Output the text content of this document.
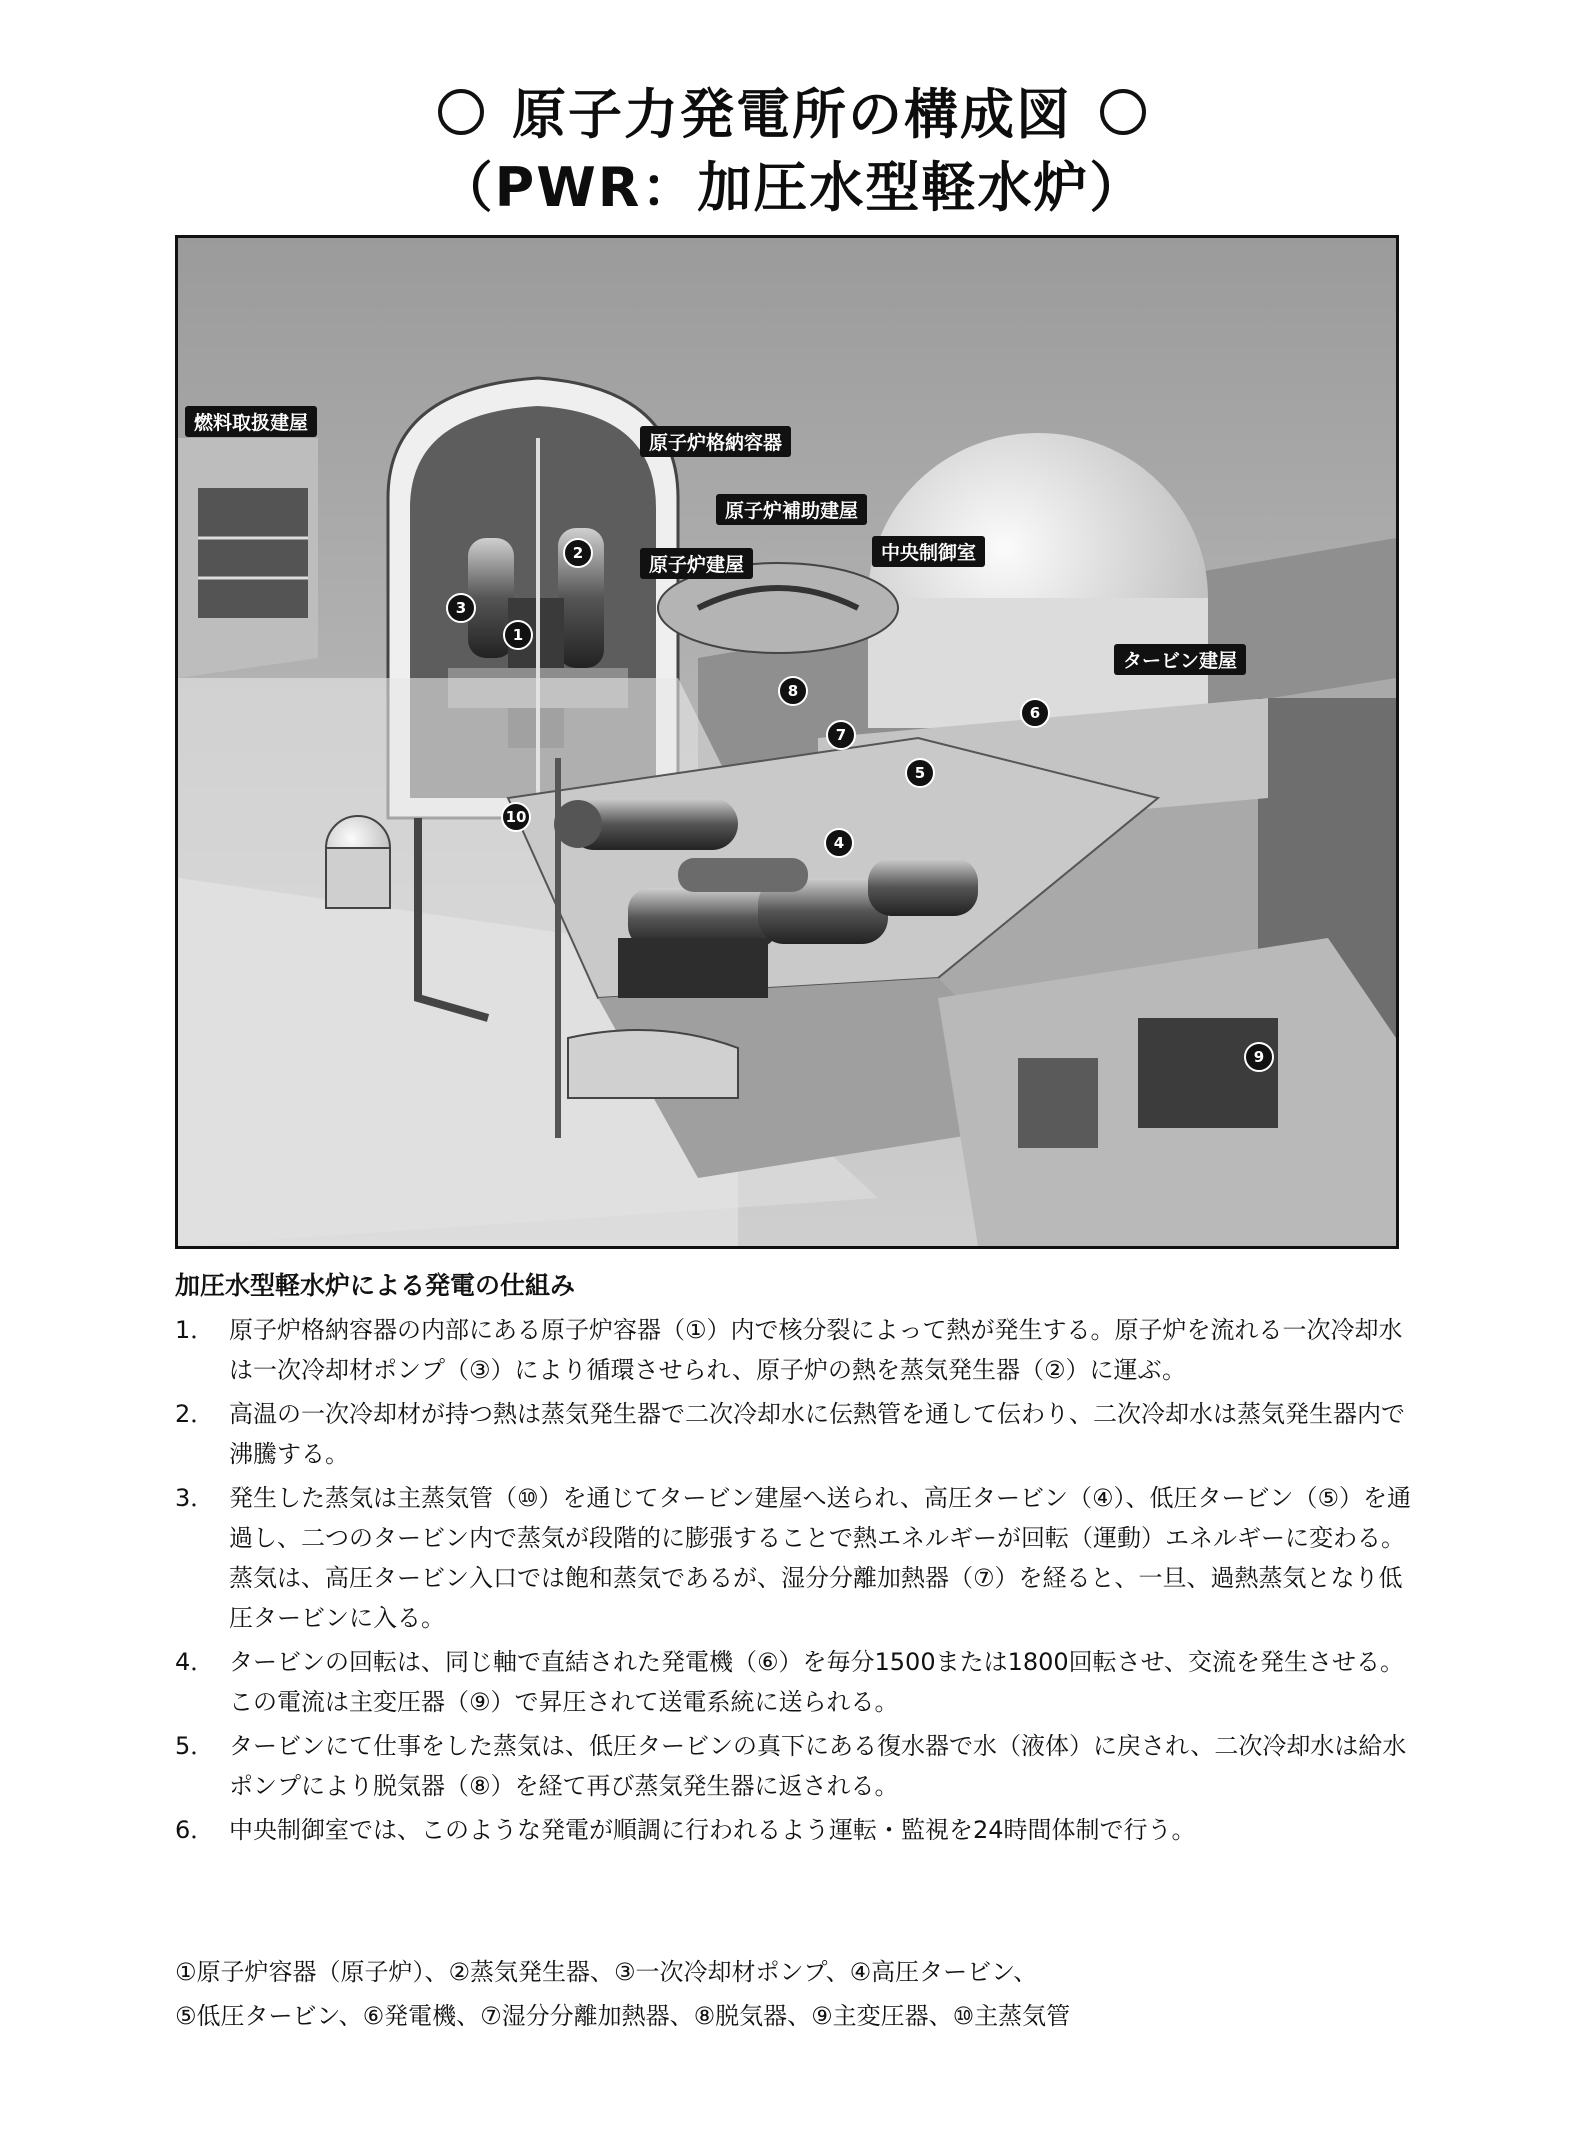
原子力発電所の構成図
（PWR：加圧水型軽水炉）
燃料取扱建屋
原子炉格納容器
原子炉補助建屋
原子炉建屋
中央制御室
タービン建屋
1
2
3
4
5
6
7
8
9
10
加圧水型軽水炉による発電の仕組み
1． 原子炉格納容器の内部にある原子炉容器（①）内で核分裂によって熱が発生する。原子炉を流れる一次冷却水は一次冷却材ポンプ（③）により循環させられ、原子炉の熱を蒸気発生器（②）に運ぶ。
2． 高温の一次冷却材が持つ熱は蒸気発生器で二次冷却水に伝熱管を通して伝わり、二次冷却水は蒸気発生器内で沸騰する。
3． 発生した蒸気は主蒸気管（⑩）を通じてタービン建屋へ送られ、高圧タービン（④）、低圧タービン（⑤）を通過し、二つのタービン内で蒸気が段階的に膨張することで熱エネルギーが回転（運動）エネルギーに変わる。蒸気は、高圧タービン入口では飽和蒸気であるが、湿分分離加熱器（⑦）を経ると、一旦、過熱蒸気となり低圧タービンに入る。
4． タービンの回転は、同じ軸で直結された発電機（⑥）を毎分1500または1800回転させ、交流を発生させる。この電流は主変圧器（⑨）で昇圧されて送電系統に送られる。
5． タービンにて仕事をした蒸気は、低圧タービンの真下にある復水器で水（液体）に戻され、二次冷却水は給水ポンプにより脱気器（⑧）を経て再び蒸気発生器に返される。
6． 中央制御室では、このような発電が順調に行われるよう運転・監視を24時間体制で行う。
①原子炉容器（原子炉）、②蒸気発生器、③一次冷却材ポンプ、④高圧タービン、
⑤低圧タービン、⑥発電機、⑦湿分分離加熱器、⑧脱気器、⑨主変圧器、⑩主蒸気管
